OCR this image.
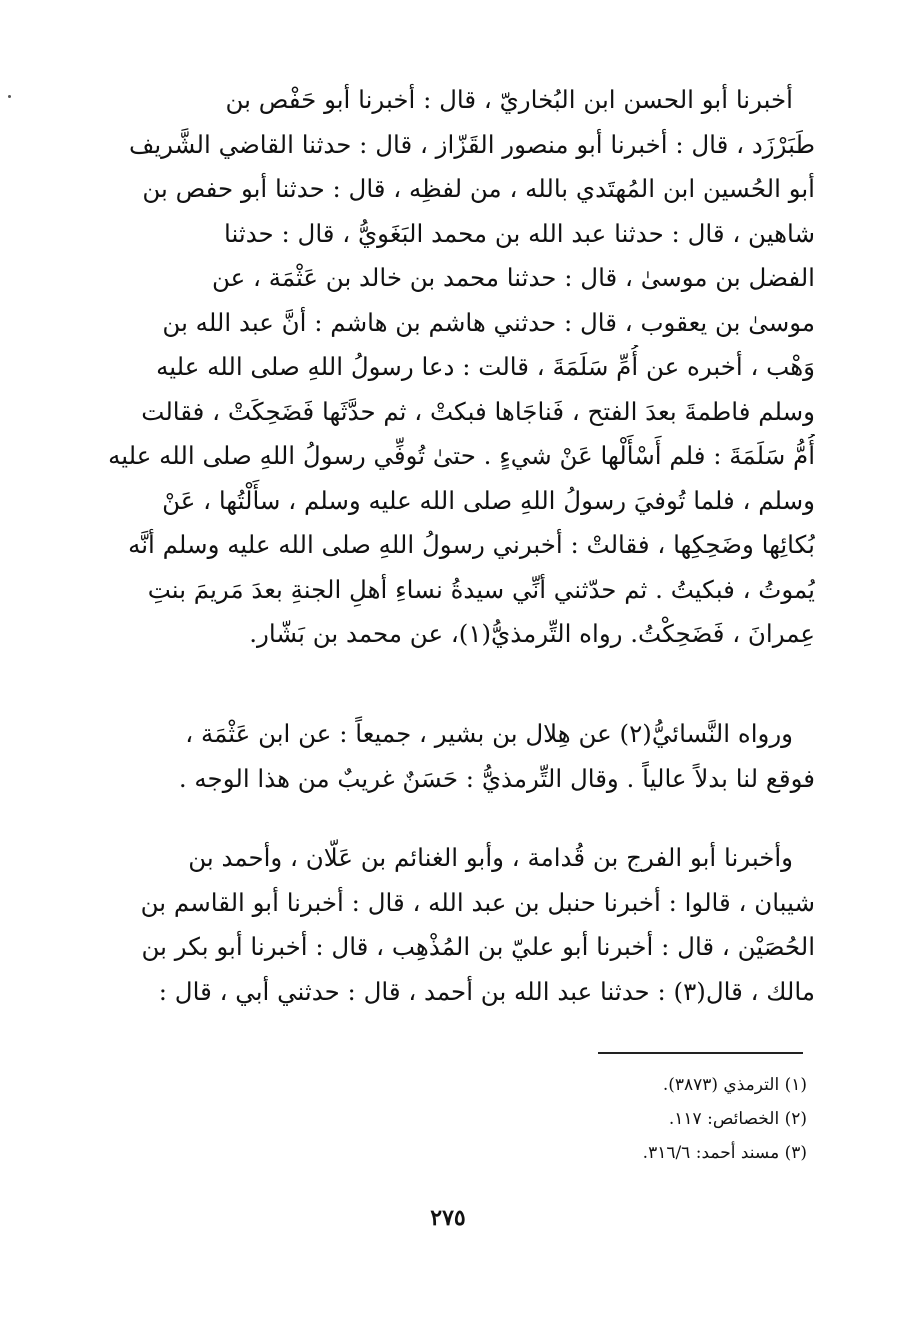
أخبرنا أبو الحسن ابن البُخاريّ ، قال : أخبرنا أبو حَفْص بن
طَبَرْزَد ، قال : أخبرنا أبو منصور القَزّاز ، قال : حدثنا القاضي الشَّريف
أبو الحُسين ابن المُهتَدي بالله ، من لفظِه ، قال : حدثنا أبو حفص بن
شاهين ، قال : حدثنا عبد الله بن محمد البَغَويُّ ، قال : حدثنا
الفضل بن موسىٰ ، قال : حدثنا محمد بن خالد بن عَثْمَة ، عن
موسىٰ بن يعقوب ، قال : حدثني هاشم بن هاشم : أنَّ عبد الله بن
وَهْب ، أخبره عن أُمِّ سَلَمَةَ ، قالت : دعا رسولُ اللهِ صلى الله عليه
وسلم فاطمةَ بعدَ الفتح ، فَناجَاها فبكتْ ، ثم حدَّثَها فَضَحِكَتْ ، فقالت
أُمُّ سَلَمَةَ : فلم أَسْأَلْها عَنْ شيءٍ . حتىٰ تُوفِّي رسولُ اللهِ صلى الله عليه
وسلم ، فلما تُوفيَ رسولُ اللهِ صلى الله عليه وسلم ، سأَلْتُها ، عَنْ
بُكائِها وضَحِكِها ، فقالتْ : أخبرني رسولُ اللهِ صلى الله عليه وسلم أنَّه
يُموتُ ، فبكيتُ . ثم حدّثني أنِّي سيدةُ نساءِ أهلِ الجنةِ بعدَ مَريمَ بنتِ
عِمرانَ ، فَضَحِكْتُ. رواه التِّرمذيُّ(١)، عن محمد بن بَشّار.
ورواه النَّسائيُّ(٢) عن هِلال بن بشير ، جميعاً : عن ابن عَثْمَة ،
فوقع لنا بدلاً عالياً . وقال التِّرمذيُّ : حَسَنٌ غريبٌ من هذا الوجه .
وأخبرنا أبو الفرج بن قُدامة ، وأبو الغنائم بن عَلّان ، وأحمد بن
شيبان ، قالوا : أخبرنا حنبل بن عبد الله ، قال : أخبرنا أبو القاسم بن
الحُصَيْن ، قال : أخبرنا أبو عليّ بن المُذْهِب ، قال : أخبرنا أبو بكر بن
مالك ، قال(٣) : حدثنا عبد الله بن أحمد ، قال : حدثني أبي ، قال :
(١) الترمذي (٣٨٧٣).
(٢) الخصائص: ١١٧.
(٣) مسند أحمد: ٣١٦/٦.
٢٧٥
